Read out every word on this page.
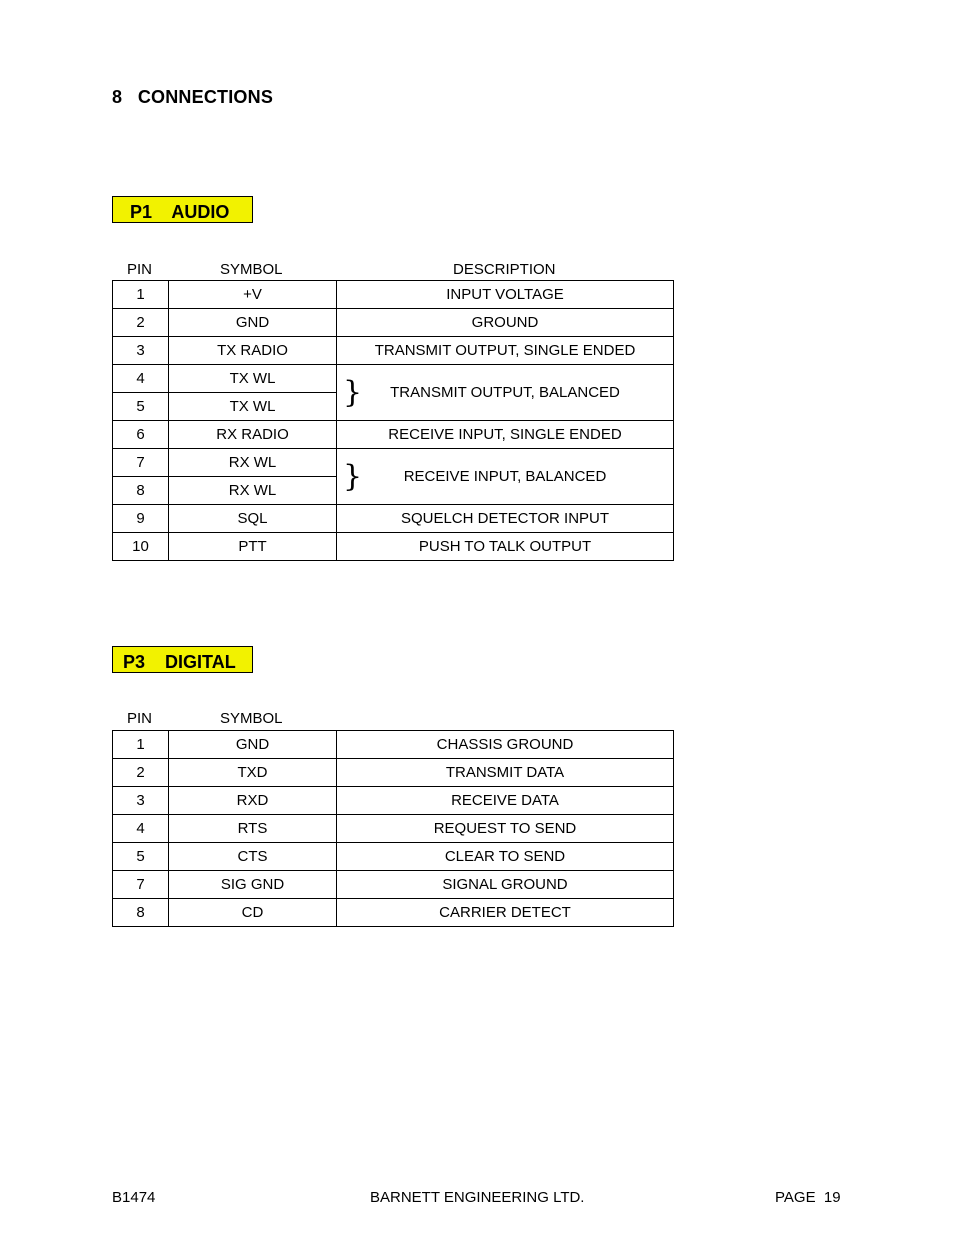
8 CONNECTIONS
P1 AUDIO
PIN	SYMBOL	DESCRIPTION
1	+V	INPUT VOLTAGE
2	GND	GROUND
3	TX RADIO	TRANSMIT OUTPUT, SINGLE ENDED
4	TX WL	} TRANSMIT OUTPUT, BALANCED
5	TX WL	
6	RX RADIO	RECEIVE INPUT, SINGLE ENDED
7	RX WL	} RECEIVE INPUT, BALANCED
8	RX WL	
9	SQL	SQUELCH DETECTOR INPUT
10	PTT	PUSH TO TALK OUTPUT
P3 DIGITAL
PIN	SYMBOL
1	GND	CHASSIS GROUND
2	TXD	TRANSMIT DATA
3	RXD	RECEIVE DATA
4	RTS	REQUEST TO SEND
5	CTS	CLEAR TO SEND
7	SIG GND	SIGNAL GROUND
8	CD	CARRIER DETECT
B1474	BARNETT ENGINEERING LTD.	PAGE  19
